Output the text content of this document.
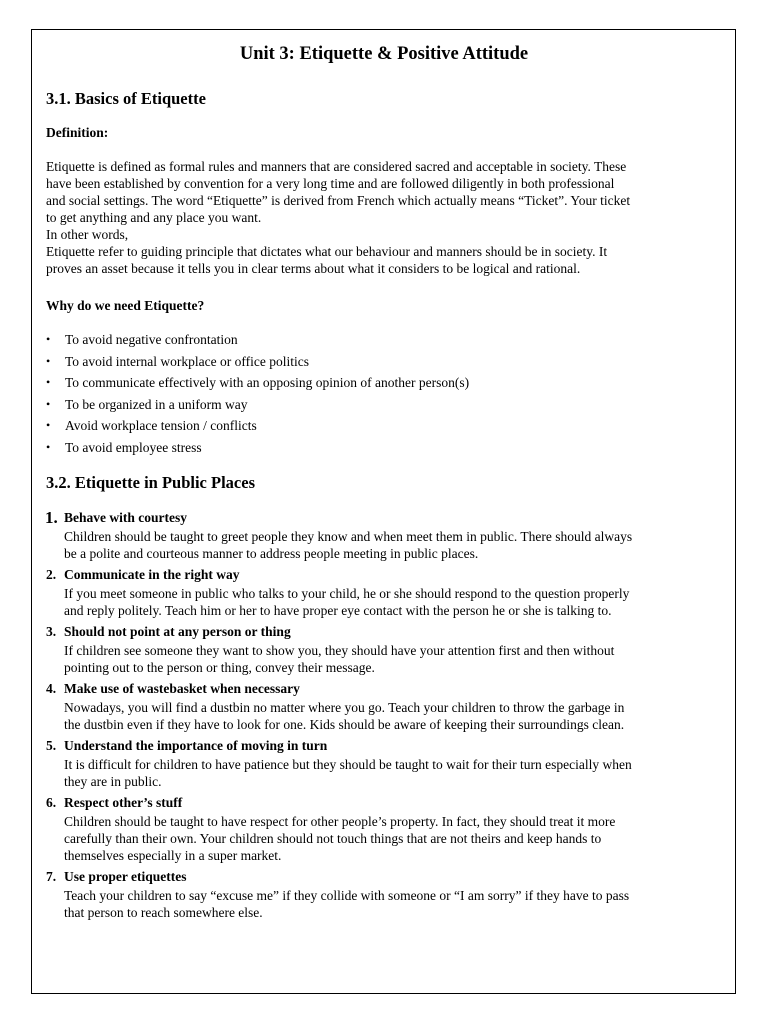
Unit 3: Etiquette & Positive Attitude
3.1. Basics of Etiquette
Definition:
Etiquette is defined as formal rules and manners that are considered sacred and acceptable in society. These
have been established by convention for a very long time and are followed diligently in both professional
and social settings. The word “Etiquette” is derived from French which actually means “Ticket”. Your ticket
to get anything and any place you want.
In other words,
Etiquette refer to guiding principle that dictates what our behaviour and manners should be in society. It
proves an asset because it tells you in clear terms about what it considers to be logical and rational.
Why do we need Etiquette?
• To avoid negative confrontation
• To avoid internal workplace or office politics
• To communicate effectively with an opposing opinion of another person(s)
• To be organized in a uniform way
• Avoid workplace tension / conflicts
• To avoid employee stress
3.2. Etiquette in Public Places
1. Behave with courtesy
Children should be taught to greet people they know and when meet them in public. There should always
be a polite and courteous manner to address people meeting in public places.
2. Communicate in the right way
If you meet someone in public who talks to your child, he or she should respond to the question properly
and reply politely. Teach him or her to have proper eye contact with the person he or she is talking to.
3. Should not point at any person or thing
If children see someone they want to show you, they should have your attention first and then without
pointing out to the person or thing, convey their message.
4. Make use of wastebasket when necessary
Nowadays, you will find a dustbin no matter where you go. Teach your children to throw the garbage in
the dustbin even if they have to look for one. Kids should be aware of keeping their surroundings clean.
5. Understand the importance of moving in turn
It is difficult for children to have patience but they should be taught to wait for their turn especially when
they are in public.
6. Respect other’s stuff
Children should be taught to have respect for other people’s property. In fact, they should treat it more
carefully than their own. Your children should not touch things that are not theirs and keep hands to
themselves especially in a super market.
7. Use proper etiquettes
Teach your children to say “excuse me” if they collide with someone or “I am sorry” if they have to pass
that person to reach somewhere else.
